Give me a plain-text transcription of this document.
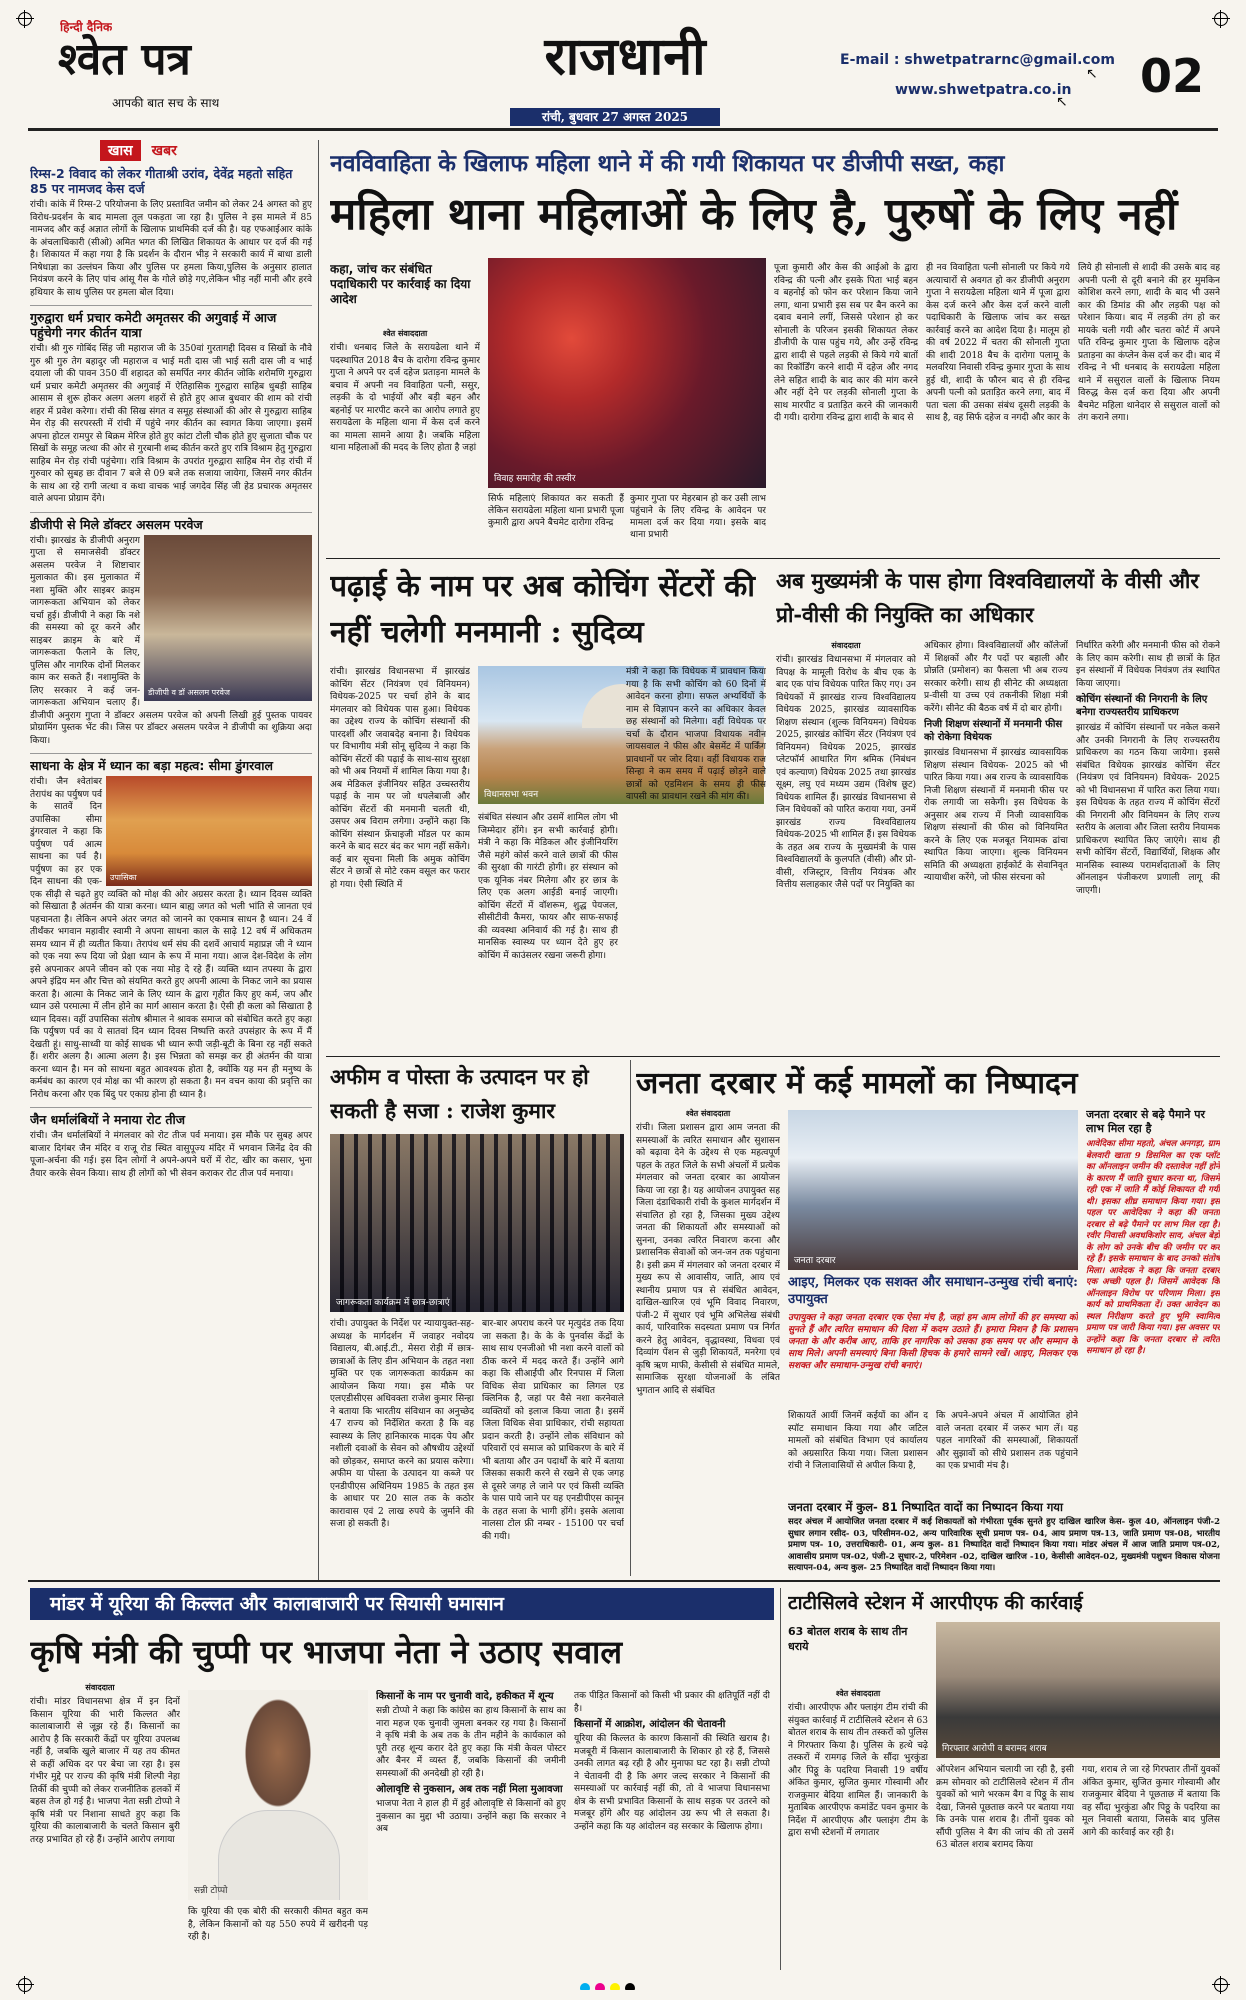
हिन्दी दैनिक
श्वेत पत्र
आपकी बात सच के साथ
राजधानी
रांची, बुधवार 27 अगस्त 2025
E-mail : shwetpatrarnc@gmail.com
www.shwetpatra.co.in
↖
↖ 02
खास खबर
रिम्स-2 विवाद को लेकर गीताश्री उरांव, देवेंद्र महतो सहित 85 पर नामजद केस दर्ज
रांची। कांके में रिम्स-2 परियोजना के लिए प्रस्तावित जमीन को लेकर 24 अगस्त को हुए विरोध-प्रदर्शन के बाद मामला तूल पकड़ता जा रहा है। पुलिस ने इस मामले में 85 नामजद और कई अज्ञात लोगों के खिलाफ प्राथमिकी दर्ज की है। यह एफआईआर कांके के अंचलाधिकारी (सीओ) अमित भगत की लिखित शिकायत के आधार पर दर्ज की गई है। शिकायत में कहा गया है कि प्रदर्शन के दौरान भीड़ ने सरकारी कार्य में बाधा डाली निषेधाज्ञा का उल्लंघन किया और पुलिस पर हमला किया,पुलिस के अनुसार हालात नियंत्रण करने के लिए पांच आंसू गैस के गोले छोड़े गए,लेकिन भीड़ नहीं मानी और हरवे हथियार के साथ पुलिस पर हमला बोल दिया।
गुरुद्वारा धर्म प्रचार कमेटी अमृतसर की अगुवाई में आज पहुंचेगी नगर कीर्तन यात्रा
रांची। श्री गुरु गोबिंद सिंह जी महाराज जी के 350वां गुरतागद्दी दिवस व सिखों के नौवे गुरु श्री गुरु तेग बहादुर जी महाराज व भाई मती दास जी भाई सती दास जी व भाई दयाला जी की पावन 350 वीं शहादत को समर्पित नगर कीर्तन जोकि शरोमणि गुरुद्वारा धर्म प्रचार कमेटी अमृतसर की अगुवाई में ऐतिहासिक गुरुद्वारा साहिब धुबड़ी साहिब आसाम से शुरू होकर अलग अलग शहरों से होते हुए आज बुधवार की शाम को रांची शहर में प्रवेश करेगा। रांची की सिख संगत व समूह संस्थाओं की ओर से गुरुद्वारा साहिब मेन रोड़ की सरपरस्ती में रांची में पहुंचे नगर कीर्तन का स्वागत किया जाएगा। इसमें अपना होटल रामपुर से बिक्रम मेरिज होते हुए कांटा टोली चौक होते हुए सुजाता चौक पर सिखों के समूह जत्था की ओर से गुरबानी शब्द कीर्तन करते हुए रात्रि विश्राम हेतु गुरुद्वारा साहिब मेन रोड़ रांची पहुंचेगा। रात्रि विश्राम के उपरांत गुरुद्वारा साहिब मेन रोड़ रांची में गुरुवार को सुबह छः दीवान 7 बजे से 09 बजे तक सजाया जायेगा, जिसमें नगर कीर्तन के साथ आ रहे रागी जत्था व कथा वाचक भाई जगदेव सिंह जी हेड प्रचारक अमृतसर वाले अपना प्रोग्राम देंगे।
डीजीपी से मिले डॉक्टर असलम परवेज
डीजीपी व डॉ असलम परवेज
रांची। झारखंड के डीजीपी अनुराग गुप्ता से समाजसेवी डॉक्टर असलम परवेज ने शिष्टाचार मुलाकात की। इस मुलाकात में नशा मुक्ति और साइबर क्राइम जागरूकता अभियान को लेकर चर्चा हुई। डीजीपी ने कहा कि नशे की समस्या को दूर करने और साइबर क्राइम के बारे में जागरूकता फैलाने के लिए, पुलिस और नागरिक दोनों मिलकर काम कर सकते हैं। नशामुक्ति के लिए सरकार ने कई जन-जागरूकता अभियान चलाए हैं। डीजीपी अनुराग गुप्ता ने डॉक्टर असलम परवेज को अपनी लिखी हुई पुस्तक पायवर प्रोग्रामिंग पुस्तक भेंट की। जिस पर डॉक्टर असलम परवेज ने डीजीपी का शुक्रिया अदा किया।
साधना के क्षेत्र में ध्यान का बड़ा महत्व: सीमा डुंगरवाल
उपासिका
रांची। जैन श्वेतांबर तेरापंथ का पर्युषण पर्व के सातवें दिन उपासिका सीमा डुंगरवाल ने कहा कि पर्युषण पर्व आत्म साधना का पर्व है। पर्युषण का हर एक दिन साधना की एक-एक सीढ़ी से चढ़ते हुए व्यक्ति को मोक्ष की ओर अग्रसर करता है। ध्यान दिवस व्यक्ति को सिखाता है अंतर्मन की यात्रा करना। ध्यान बाह्य जगत को भली भांति से जानता एवं पहचानता है। लेकिन अपने अंतर जगत को जानने का एकमात्र साधन है ध्यान। 24 वें तीर्थंकर भगवान महावीर स्वामी ने अपना साधना काल के साढ़े 12 वर्ष में अधिकतम समय ध्यान में ही व्यतीत किया। तेरापंथ धर्म संघ की दशवें आचार्य महाप्रज्ञ जी ने ध्यान को एक नया रूप दिया जो प्रेक्षा ध्यान के रूप में माना गया। आज देश-विदेश के लोग इसे अपनाकर अपने जीवन को एक नया मोड़ दे रहे हैं। व्यक्ति ध्यान तपस्या के द्वारा अपने इंद्रिय मन और चित्त को संयमित करते हुए अपनी आत्मा के निकट जाने का प्रयास करता है। आत्मा के निकट जाने के लिए ध्यान के द्वारा गृहीत किए हुए कर्म, जप और ध्यान उसे परमात्मा में लीन होने का मार्ग आसान करता है। ऐसी ही कला को सिखाता है ध्यान दिवस। वहीं उपासिका संतोष श्रीमाल ने श्रावक समाज को संबोधित करते हुए कहा कि पर्युषण पर्व का ये सातवां दिन ध्यान दिवस निष्पत्ति करते उपसंहार के रूप में मैं देखती हूं। साधु-साध्वी या कोई साधक भी ध्यान रूपी जड़ी-बूटी के बिना रह नहीं सकते हैं। शरीर अलग है। आत्मा अलग है। इस भिन्नता को समझ कर ही अंतर्मन की यात्रा करना ध्यान है। मन को साधना बहुत आवश्यक होता है, क्योंकि यह मन ही मनुष्य के कर्मबंध का कारण एवं मोक्ष का भी कारण हो सकता है। मन वचन काया की प्रवृत्ति का निरोध करना और एक बिंदु पर एकाग्र होना ही ध्यान है।
जैन धर्मालंबियों ने मनाया रोट तीज
रांची। जैन धर्मालंबियों ने मंगलवार को रोट तीज पर्व मनाया। इस मौके पर सुबह अपर बाजार दिगंबर जैन मंदिर व राजू रोड स्थित वासुपूज्य मंदिर में भगवान जिनेंद्र देव की पूजा-अर्चना की गई। इस दिन लोगों ने अपने-अपने घरों में रोट, खीर का कसार, भुना तैयार करके सेवन किया। साथ ही लोगों को भी सेवन कराकर रोट तीज पर्व मनाया।
नवविवाहिता के खिलाफ महिला थाने में की गयी शिकायत पर डीजीपी सख्त, कहा
महिला थाना महिलाओं के लिए है, पुरुषों के लिए नहीं
कहा, जांच कर संबंधित पदाधिकारी पर कार्रवाई का दिया आदेश
श्वेत संवाददाता
रांची। धनबाद जिले के सरायढेला थाने में पदस्थापित 2018 बैच के दारोगा रविन्द्र कुमार गुप्ता ने अपने पर दर्ज दहेज प्रताड़ना मामले के बचाव में अपनी नव विवाहिता पत्नी, ससुर, लड़की के दो भाईयों और बड़ी बहन और बहनोई पर मारपीट करने का आरोप लगाते हुए सरायढेला के महिला थाना में केस दर्ज करने का मामला सामने आया है। जबकि महिला थाना महिलाओं की मदद के लिए होता है जहां
विवाह समारोह की तस्वीर
सिर्फ महिलाएं शिकायत कर सकती हैं लेकिन सरायढेला महिला थाना प्रभारी पूजा कुमारी द्वारा अपने बैचमेट दारोगा रविन्द्र
कुमार गुप्ता पर मेहरबान हो कर उसी लाभ पहुंचाने के लिए रविन्द्र के आवेदन पर मामला दर्ज कर दिया गया। इसके बाद थाना प्रभारी
पूजा कुमारी और केस की आईओ के द्वारा रविन्द्र की पत्नी और इसके पिता भाई बहन व बहनोई को फोन कर परेशान किया जाने लगा, थाना प्रभारी इस सब पर बैन करने का दबाव बनाने लगीं, जिससे परेशान हो कर सोनाली के परिजन इसकी शिकायत लेकर डीजीपी के पास पहुंच गये, और उन्हें रविन्द्र द्वारा शादी से पहले लड़की से किये गये बातों का रिकॉर्डिंग करने शादी में दहेज और नगद लेने सहित शादी के बाद कार की मांग करने और नहीं देने पर लड़की सोनाली गुप्ता के साथ मारपीट व प्रताड़ित करने की जानकारी दी गयी। दारोगा रविन्द्र द्वारा शादी के बाद से
ही नव विवाहिता पत्नी सोनाली पर किये गये अत्याचारों से अवगत हो कर डीजीपी अनुराग गुप्ता ने सरायढेला महिला थाने में पूजा द्वारा केस दर्ज करने और केस दर्ज करने वाली पदाधिकारी के खिलाफ जांच कर सख्त कार्रवाई करने का आदेश दिया है। मालूम हो की वर्ष 2022 में चतरा की सोनाली गुप्ता की शादी 2018 बैच के दारोगा पलामू के मलवरिया निवासी रविन्द्र कुमार गुप्ता के साथ हुई थी, शादी के फौरन बाद से ही रविन्द्र अपनी पत्नी को प्रताड़ित करने लगा, बाद में पता चला की उसका संबंध दूसरी लड़की के साथ है, वह सिर्फ दहेज व नगदी और कार के
लिये ही सोनाली से शादी की उसके बाद वह अपनी पत्नी से दूरी बनाने की हर मुमकिन कोशिश करने लगा, शादी के बाद भी उसने कार की डिमांड की और लड़की पक्ष को परेशान किया। बाद में लड़की तंग हो कर मायके चली गयी और चतरा कोर्ट में अपने पति रविन्द्र कुमार गुप्ता के खिलाफ दहेज प्रताड़ना का कंप्लेन केस दर्ज कर दी। बाद में रविन्द्र ने भी धनबाद के सरायढेला महिला थाने में ससुराल वालों के खिलाफ नियम विरुद्ध केस दर्ज करा दिया और अपनी बैचमेट महिला थानेदार से ससुराल वालों को तंग कराने लगा।
पढ़ाई के नाम पर अब कोचिंग सेंटरों की नहीं चलेगी मनमानी : सुदिव्य
रांची। झारखंड विधानसभा में झारखंड कोचिंग सेंटर (नियंत्रण एवं विनियमन) विधेयक-2025 पर चर्चा होने के बाद मंगलवार को विधेयक पास हुआ। विधेयक का उद्देश्य राज्य के कोचिंग संस्थानों की पारदर्शी और जवाबदेह बनाना है। विधेयक पर विभागीय मंत्री सोनू सुदिव्य ने कहा कि कोचिंग सेंटरों की पढ़ाई के साथ-साथ सुरक्षा को भी अब नियमों में शामिल किया गया है। अब मेडिकल इंजीनियर सहित उच्चस्तरीय पढ़ाई के नाम पर जो धपलेबाजी और कोचिंग सेंटरों की मनमानी चलती थी, उसपर अब विराम लगेगा। उन्होंने कहा कि कोचिंग संस्थान फ्रेंचाइजी मॉडल पर काम करने के बाद सटर बंद कर भाग नहीं सकेंगे। कई बार सूचना मिली कि अमुक कोचिंग सेंटर ने छात्रों से मोटे रकम वसूल कर फरार हो गया। ऐसी स्थिति में
विधानसभा भवन
संबंधित संस्थान और उसमें शामिल लोग भी जिम्मेदार होंगे। इन सभी कार्रवाई होगी। मंत्री ने कहा कि मेडिकल और इंजीनियरिंग जैसे महंगे कोर्स करने वाले छात्रों की फीस की सुरक्षा की गारंटी होगी। हर संस्थान को एक यूनिक नंबर मिलेगा और हर छात्र के लिए एक अलग आईडी बनाई जाएगी। कोचिंग सेंटरों में वॉशरूम, शुद्ध पेयजल, सीसीटीवी कैमरा, फायर और साफ-सफाई की व्यवस्था अनिवार्य की गई है। साथ ही मानसिक स्वास्थ्य पर ध्यान देते हुए हर कोचिंग में काउंसलर रखना जरूरी होगा।
मंत्री ने कहा कि विधेयक में प्रावधान किया गया है कि सभी कोचिंग को 60 दिनों में आवेदन करना होगा। सफल अभ्यर्थियों के नाम से विज्ञापन करने का अधिकार केवल छह संस्थानों को मिलेगा। वहीं विधेयक पर चर्चा के दौरान भाजपा विधायक नवीन जायसवाल ने फीस और बेसमेंट में पार्किंग प्रावधानों पर जोर दिया। वहीं विधायक राज सिन्हा ने कम समय में पढ़ाई छोड़ने वाले छात्रों को एडमिशन के समय ही फीस वापसी का प्रावधान रखने की मांग की।
अब मुख्यमंत्री के पास होगा विश्वविद्यालयों के वीसी और प्रो-वीसी की नियुक्ति का अधिकार
संवाददाता
रांची। झारखंड विधानसभा में मंगलवार को विपक्ष के मामूली विरोध के बीच एक के बाद एक पांच विधेयक पारित किए गए। उन विधेयकों में झारखंड राज्य विश्वविद्यालय विधेयक 2025, झारखंड व्यावसायिक शिक्षण संस्थान (शुल्क विनियमन) विधेयक 2025, झारखंड कोचिंग सेंटर (नियंत्रण एवं विनियमन) विधेयक 2025, झारखंड प्लेटफॉर्म आधारित गिग श्रमिक (निबंधन एवं कल्याण) विधेयक 2025 तथा झारखंड सूक्ष्म, लघु एवं मध्यम उद्यम (विशेष छूट) विधेयक शामिल हैं। झारखंड विधानसभा से जिन विधेयकों को पारित कराया गया, उनमें झारखंड राज्य विश्वविद्यालय विधेयक-2025 भी शामिल हैं। इस विधेयक के तहत अब राज्य के मुख्यमंत्री के पास विश्वविद्यालयों के कुलपति (वीसी) और प्रो-वीसी, रजिस्ट्रार, वित्तीय नियंत्रक और वित्तीय सलाहकार जैसे पदों पर नियुक्ति का
अधिकार होगा। विश्वविद्यालयों और कॉलेजों में शिक्षकों और गैर पदों पर बहाली और प्रोन्नति (प्रमोशन) का फैसला भी अब राज्य सरकार करेगी। साथ ही सीनेट की अध्यक्षता प्र-वीसी या उच्च एवं तकनीकी शिक्षा मंत्री करेंगे। सीनेट की बैठक वर्ष में दो बार होगी।
निजी शिक्षण संस्थानों में मनमानी फीस को रोकेगा विधेयक
झारखंड विधानसभा में झारखंड व्यावसायिक शिक्षण संस्थान विधेयक- 2025 को भी पारित किया गया। अब राज्य के व्यावसायिक निजी शिक्षण संस्थानों में मनमानी फीस पर रोक लगायी जा सकेगी। इस विधेयक के अनुसार अब राज्य में निजी व्यावसायिक शिक्षण संस्थानों की फीस को विनियमित करने के लिए एक मजबूत नियामक ढांचा स्थापित किया जाएगा। शुल्क विनियमन समिति की अध्यक्षता हाईकोर्ट के सेवानिवृत न्यायाधीश करेंगे, जो फीस संरचना को
निर्धारित करेगी और मनमानी फीस को रोकने के लिए काम करेगी। साथ ही छात्रों के हित इन संस्थानों में विधेयक नियंत्रण तंत्र स्थापित किया जाएगा।
कोचिंग संस्थानों की निगरानी के लिए बनेगा राज्यस्तरीय प्राधिकरण
झारखंड में कोचिंग संस्थानों पर नकेल कसने और उनकी निगरानी के लिए राज्यस्तरीय प्राधिकरण का गठन किया जायेगा। इससे संबंधित विधेयक झारखंड कोचिंग सेंटर (नियंत्रण एवं विनियमन) विधेयक- 2025 को भी विधानसभा में पारित करा लिया गया। इस विधेयक के तहत राज्य में कोचिंग सेंटरों की निगरानी और विनियमन के लिए राज्य स्तरीय के अलावा और जिला स्तरीय नियामक प्राधिकरण स्थापित किए जाएंगे। साथ ही सभी कोचिंग सेंटरों, विद्यार्थियों, शिक्षक और मानसिक स्वास्थ्य परामर्शदाताओं के लिए ऑनलाइन पंजीकरण प्रणाली लागू की जाएगी।
अफीम व पोस्ता के उत्पादन पर हो सकती है सजा : राजेश कुमार
जागरूकता कार्यक्रम में छात्र-छात्राएं
रांची। उपायुक्त के निर्देश पर न्यायायुक्त-सह-अध्यक्ष के मार्गदर्शन में जवाहर नवोदय विद्यालय, बी.आई.टी., मेसरा रोड़ी में छात्र-छात्राओं के लिए डीन अभियान के तहत नशा मुक्ति पर एक जागरूकता कार्यक्रम का आयोजन किया गया। इस मौके पर एलएडीसीएस अधिवक्ता राजेश कुमार सिन्हा ने बताया कि भारतीय संविधान का अनुच्छेद 47 राज्य को निर्देशित करता है कि वह स्वास्थ्य के लिए हानिकारक मादक पेय और नशीली दवाओं के सेवन को औषधीय उद्देश्यों को छोड़कर, समाप्त करने का प्रयास करेगा। अफीम या पोस्ता के उत्पादन या कब्जे पर एनडीपीएस अधिनियम 1985 के तहत इस के आधार पर 20 साल तक के कठोर कारावास एवं 2 लाख रुपये के जुर्माने की सजा हो सकती है।
बार-बार अपराध करने पर मृत्युदंड तक दिया जा सकता है। के के के पुनर्वास केंद्रों के साथ साथ एनजीओ भी नशा करने वालों को ठीक करने में मदद करते हैं। उन्होंने आगे कहा कि सीआईपी और रिनपास में जिला विधिक सेवा प्राधिकार का लिगल एड क्लिनिक है, जहां पर वैसे नशा करनेवाले व्यक्तियों को इलाज किया जाता है। इसमें जिला विधिक सेवा प्राधिकार, रांची सहायता प्रदान करती है। उन्होंने लोक संविधान को परिवारों एवं समाज को प्राधिकरण के बारे में भी बताया और उन पदार्थों के बारे में बताया जिसका सकारी करने से रखने से एक जगह से दूसरे जगह ले जाने पर एवं किसी व्यक्ति के पास पाये जाने पर यह एनडीपीएस कानून के तहत सजा के भागी होंगे। इसके अलावा नालसा टोल फ्री नम्बर - 15100 पर चर्चा की गयी।
जनता दरबार में कई मामलों का निष्पादन
श्वेत संवाददाता
रांची। जिला प्रशासन द्वारा आम जनता की समस्याओं के त्वरित समाधान और सुशासन को बढ़ावा देने के उद्देश्य से एक महत्वपूर्ण पहल के तहत जिले के सभी अंचलों में प्रत्येक मंगलवार को जनता दरबार का आयोजन किया जा रहा है। यह आयोजन उपायुक्त सह जिला दंडाधिकारी रांची के कुशल मार्गदर्शन में संचालित हो रहा है, जिसका मुख्य उद्देश्य जनता की शिकायतों और समस्याओं को सुनना, उनका त्वरित निवारण करना और प्रशासनिक सेवाओं को जन-जन तक पहुंचाना है। इसी क्रम में मंगलवार को जनता दरबार में मुख्य रूप से आवासीय, जाति, आय एवं स्थानीय प्रमाण पत्र से संबंधित आवेदन, दाखिल-खारिज एवं भूमि विवाद निवारण, पंजी-2 में सुधार एवं भूमि अभिलेख संबंधी कार्य, पारिवारिक सदस्यता प्रमाण पत्र निर्गत करने हेतु आवेदन, वृद्धावस्था, विधवा एवं दिव्यांग पेंशन से जुड़ी शिकायतें, मनरेगा एवं कृषि ऋण माफी, केसीसी से संबंधित मामले, सामाजिक सुरक्षा योजनाओं के लंबित भुगतान आदि से संबंधित
जनता दरबार
आइए, मिलकर एक सशक्त और समाधान-उन्मुख रांची बनाएं: उपायुक्त
उपायुक्त ने कहा जनता दरबार एक ऐसा मंच है, जहां हम आम लोगों की हर समस्या को सुनते हैं और त्वरित समाधान की दिशा में कदम उठाते हैं। हमारा मिशन है कि प्रशासन जनता के और करीब आए, ताकि हर नागरिक को उसका हक समय पर और सम्मान के साथ मिले। अपनी समस्याएं बिना किसी हिचक के हमारे सामने रखें। आइए, मिलकर एक सशक्त और समाधान-उन्मुख रांची बनाएं।
शिकायतें आयीं जिनमें कईयों का ऑन द स्पॉट समाधान किया गया और जटिल मामलों को संबंधित विभाग एवं कार्यालय को अग्रसारित किया गया। जिला प्रशासन रांची ने जिलावासियों से अपील किया है,
कि अपने-अपने अंचल में आयोजित होने वाले जनता दरबार में जरूर भाग लें। यह पहल नागरिकों की समस्याओं, शिकायतों और सुझावों को सीधे प्रशासन तक पहुंचाने का एक प्रभावी मंच है।
जनता दरबार से बढ़े पैमाने पर लाभ मिल रहा है
आवेदिका सीमा महतो, अंचल अनगड़ा, ग्राम बेलवारी खाता 9 डिसमिल का एक प्लॉट का ऑनलाइन जमीन की दस्तावेज नहीं होने के कारण मैं जाति सुधार करना था, जिसमें रही एक में जाति मैं कोई शिकायत दी गयी थी। इसका शीघ्र समाधान किया गया। इस पहल पर आवेदिका ने कहा की जनता दरबार से बढ़े पैमाने पर लाभ मिल रहा है। रवीर निवासी अवधकिशोर साव, अंचल बेड़ो के लोग को उनके बीच की जमीन पर कर रहे हैं। इसके समाधान के बाद उनको संतोष मिला। आवेदक ने कहा कि जनता दरबार एक अच्छी पहल है। जिसमें आवेदक कि ऑनलाइन विरोध पर परिणाम मिला। इस कार्य को प्राथमिकता दें। उक्त आवेदन का स्थल निरीक्षण करते हुए भूमि स्वामित्व प्रमाण पत्र जारी किया गया। इस अवसर पर उन्होंने कहा कि जनता दरबार से त्वरित समाधान हो रहा है।
जनता दरबार में कुल- 81 निष्पादित वादों का निष्पादन किया गया
सदर अंचल में आयोजित जनता दरबार में कई शिकायतों को गंभीरता पूर्वक सुनते हुए दाखिल खारिज केस- कुल 40, ऑनलाइन पंजी-2 सुधार लगान रसीद- 03, परिसीमन-02, अन्य पारिवारिक सूची प्रमाण पत्र- 04, आय प्रमाण पत्र-13, जाति प्रमाण पत्र-08, भारतीय प्रमाण पत्र- 10, उत्तराधिकारी- 01, अन्य कुल- 81 निष्पादित वादों निष्पादन किया गया। मांडर अंचल में आज जाति प्रमाण पत्र-02, आवासीय प्रमाण पत्र-02, पंजी-2 सुधार-2, परिमेशन -02, दाखिल खारिज -10, केसीसी आवेदन-02, मुख्यमंत्री पशुधन विकास योजना सत्यापन-04, अन्य कुल- 25 निष्पादित वादों निष्पादन किया गया।
मांडर में यूरिया की किल्लत और कालाबाजारी पर सियासी घमासान
कृषि मंत्री की चुप्पी पर भाजपा नेता ने उठाए सवाल
संवाददाता
रांची। मांडर विधानसभा क्षेत्र में इन दिनों किसान यूरिया की भारी किल्लत और कालाबाजारी से जूझ रहे हैं। किसानों का आरोप है कि सरकारी केंद्रों पर यूरिया उपलब्ध नहीं है, जबकि खुले बाजार में यह तय कीमत से कहीं अधिक दर पर बेचा जा रहा है। इस गंभीर मुद्दे पर राज्य की कृषि मंत्री शिल्पी नेहा तिर्की की चुप्पी को लेकर राजनीतिक हलकों में बहस तेज हो गई है। भाजपा नेता सन्नी टोप्पो ने कृषि मंत्री पर निशाना साधते हुए कहा कि यूरिया की कालाबाजारी के चलते किसान बुरी तरह प्रभावित हो रहे हैं। उन्होंने आरोप लगाया
सन्नी टोप्पो
कि यूरिया की एक बोरी की सरकारी कीमत बहुत कम है, लेकिन किसानों को यह 550 रुपये में खरीदनी पड़ रही है।
किसानों के नाम पर चुनावी वादे, हकीकत में शून्य
सन्नी टोप्पो ने कहा कि कांग्रेस का हाथ किसानों के साथ का नारा महज एक चुनावी जुमला बनकर रह गया है। किसानों ने कृषि मंत्री के अब तक के तीन महीने के कार्यकाल को पूरी तरह शून्य करार देते हुए कहा कि मंत्री केवल पोस्टर और बैनर में व्यस्त हैं, जबकि किसानों की जमीनी समस्याओं की अनदेखी हो रही है।
ओलावृष्टि से नुकसान, अब तक नहीं मिला मुआवजा
भाजपा नेता ने हाल ही में हुई ओलावृष्टि से किसानों को हुए नुकसान का मुद्दा भी उठाया। उन्होंने कहा कि सरकार ने अब
तक पीड़ित किसानों को किसी भी प्रकार की क्षतिपूर्ति नहीं दी है।
किसानों में आक्रोश, आंदोलन की चेतावनी
यूरिया की किल्लत के कारण किसानों की स्थिति खराब है। मजबूरी में किसान कालाबाजारी के शिकार हो रहे हैं, जिससे उनकी लागत बढ़ रही है और मुनाफा घट रहा है। सन्नी टोप्पो ने चेतावनी दी है कि अगर जल्द सरकार ने किसानों की समस्याओं पर कार्रवाई नहीं की, तो वे भाजपा विधानसभा क्षेत्र के सभी प्रभावित किसानों के साथ सड़क पर उतरने को मजबूर होंगे और यह आंदोलन उग्र रूप भी ले सकता है। उन्होंने कहा कि यह आंदोलन वह सरकार के खिलाफ होगा।
टाटीसिलवे स्टेशन में आरपीएफ की कार्रवाई
63 बोतल शराब के साथ तीन धराये
श्वेत संवाददाता
रांची। आरपीएफ और फ्लाइंग टीम रांची की संयुक्त कार्रवाई में टाटीसिलवे स्टेशन से 63 बोतल शराब के साथ तीन तस्करों को पुलिस ने गिरफ्तार किया है। पुलिस के हत्थे चढ़े तस्करों में रामगढ़ जिले के सौंदा भुरकुंडा और पिठ्ठू के पदरिया निवासी 19 वर्षीय अंकित कुमार, सुजित कुमार गोस्वामी और राजकुमार बेदिया शामिल हैं। जानकारी के मुताबिक आरपीएफ कमांडेंट पवन कुमार के निर्देश में आरपीएफ और फ्लाइंग टीम के द्वारा सभी स्टेशनों में लगातार
गिरफ्तार आरोपी व बरामद शराब
ऑपरेशन अभियान चलायी जा रही है, इसी क्रम सोमवार को टाटीसिलवे स्टेशन में तीन युवकों को भागे भरकम बैग व पिठ्ठू के साथ देखा, जिनसे पूछताछ करने पर बताया गया कि उनके पास शराब है। तीनों युवक को सौंपी पुलिस ने बैग की जांच की तो उसमें 63 बोतल शराब बरामद किया
गया, शराब ले जा रहे गिरफ्तार तीनों युवकों अंकित कुमार, सुजित कुमार गोस्वामी और राजकुमार बेदिया ने पूछताछ में बताया कि वह सौंदा भुरकुंडा और पिठ्ठू के पदरिया का मूल निवासी बताया, जिसके बाद पुलिस आगे की कार्रवाई कर रही है।
